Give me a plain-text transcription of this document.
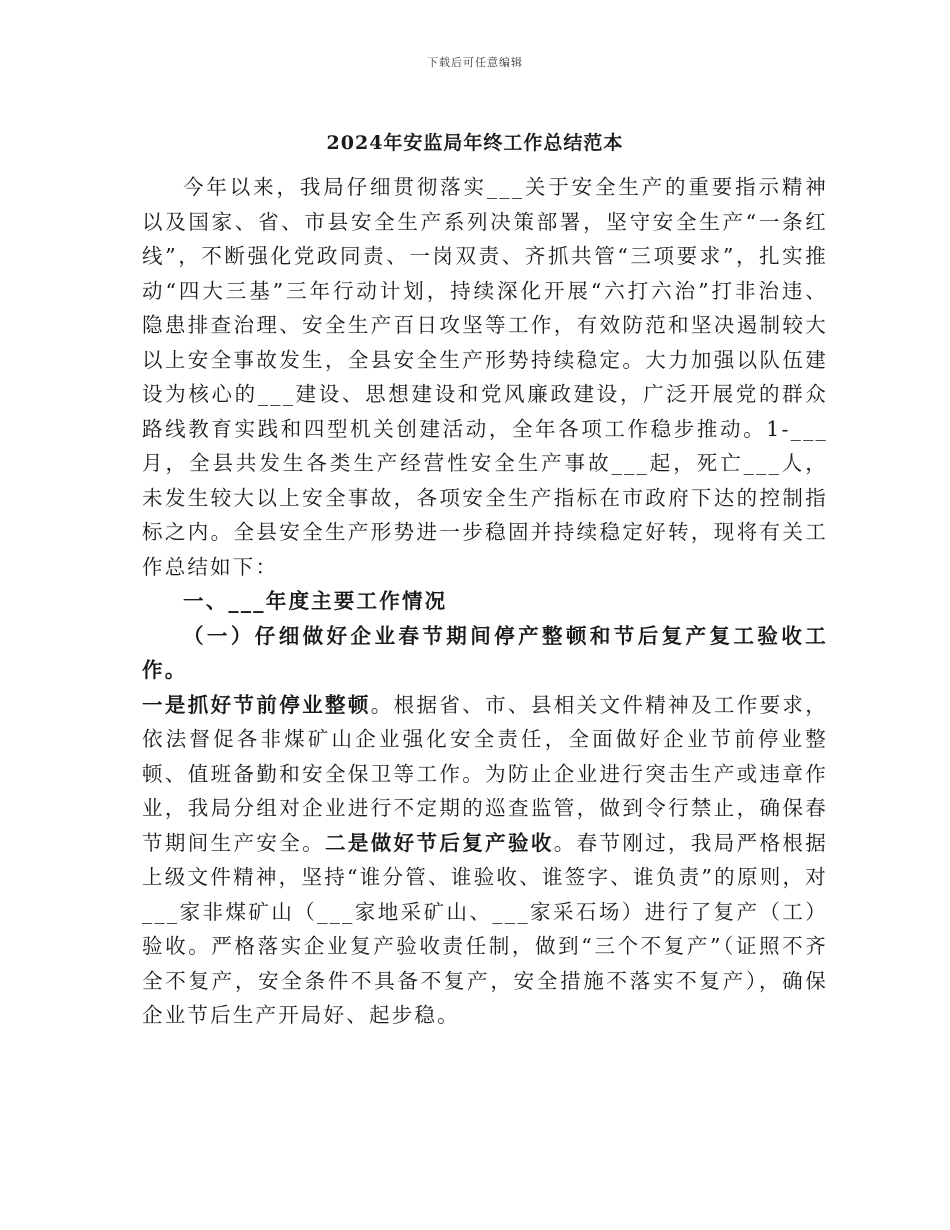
下载后可任意编辑
2024年安监局年终工作总结范本

今年以来，我局仔细贯彻落实___关于安全生产的重要指示精神以及国家、省、市县安全生产系列决策部署，坚守安全生产“一条红线”，不断强化党政同责、一岗双责、齐抓共管“三项要求”，扎实推动“四大三基”三年行动计划，持续深化开展“六打六治”打非治违、隐患排查治理、安全生产百日攻坚等工作，有效防范和坚决遏制较大以上安全事故发生，全县安全生产形势持续稳定。大力加强以队伍建设为核心的___建设、思想建设和党风廉政建设，广泛开展党的群众路线教育实践和四型机关创建活动，全年各项工作稳步推动。1-___月，全县共发生各类生产经营性安全生产事故___起，死亡___人，未发生较大以上安全事故，各项安全生产指标在市政府下达的控制指标之内。全县安全生产形势进一步稳固并持续稳定好转，现将有关工作总结如下：

一、___年度主要工作情况

（一）仔细做好企业春节期间停产整顿和节后复产复工验收工作。

一是抓好节前停业整顿。根据省、市、县相关文件精神及工作要求，依法督促各非煤矿山企业强化安全责任，全面做好企业节前停业整顿、值班备勤和安全保卫等工作。为防止企业进行突击生产或违章作业，我局分组对企业进行不定期的巡查监管，做到令行禁止，确保春节期间生产安全。二是做好节后复产验收。春节刚过，我局严格根据上级文件精神，坚持“谁分管、谁验收、谁签字、谁负责”的原则，对___家非煤矿山（___家地采矿山、___家采石场）进行了复产（工）验收。严格落实企业复产验收责任制，做到“三个不复产”（证照不齐全不复产，安全条件不具备不复产，安全措施不落实不复产），确保企业节后生产开局好、起步稳。
